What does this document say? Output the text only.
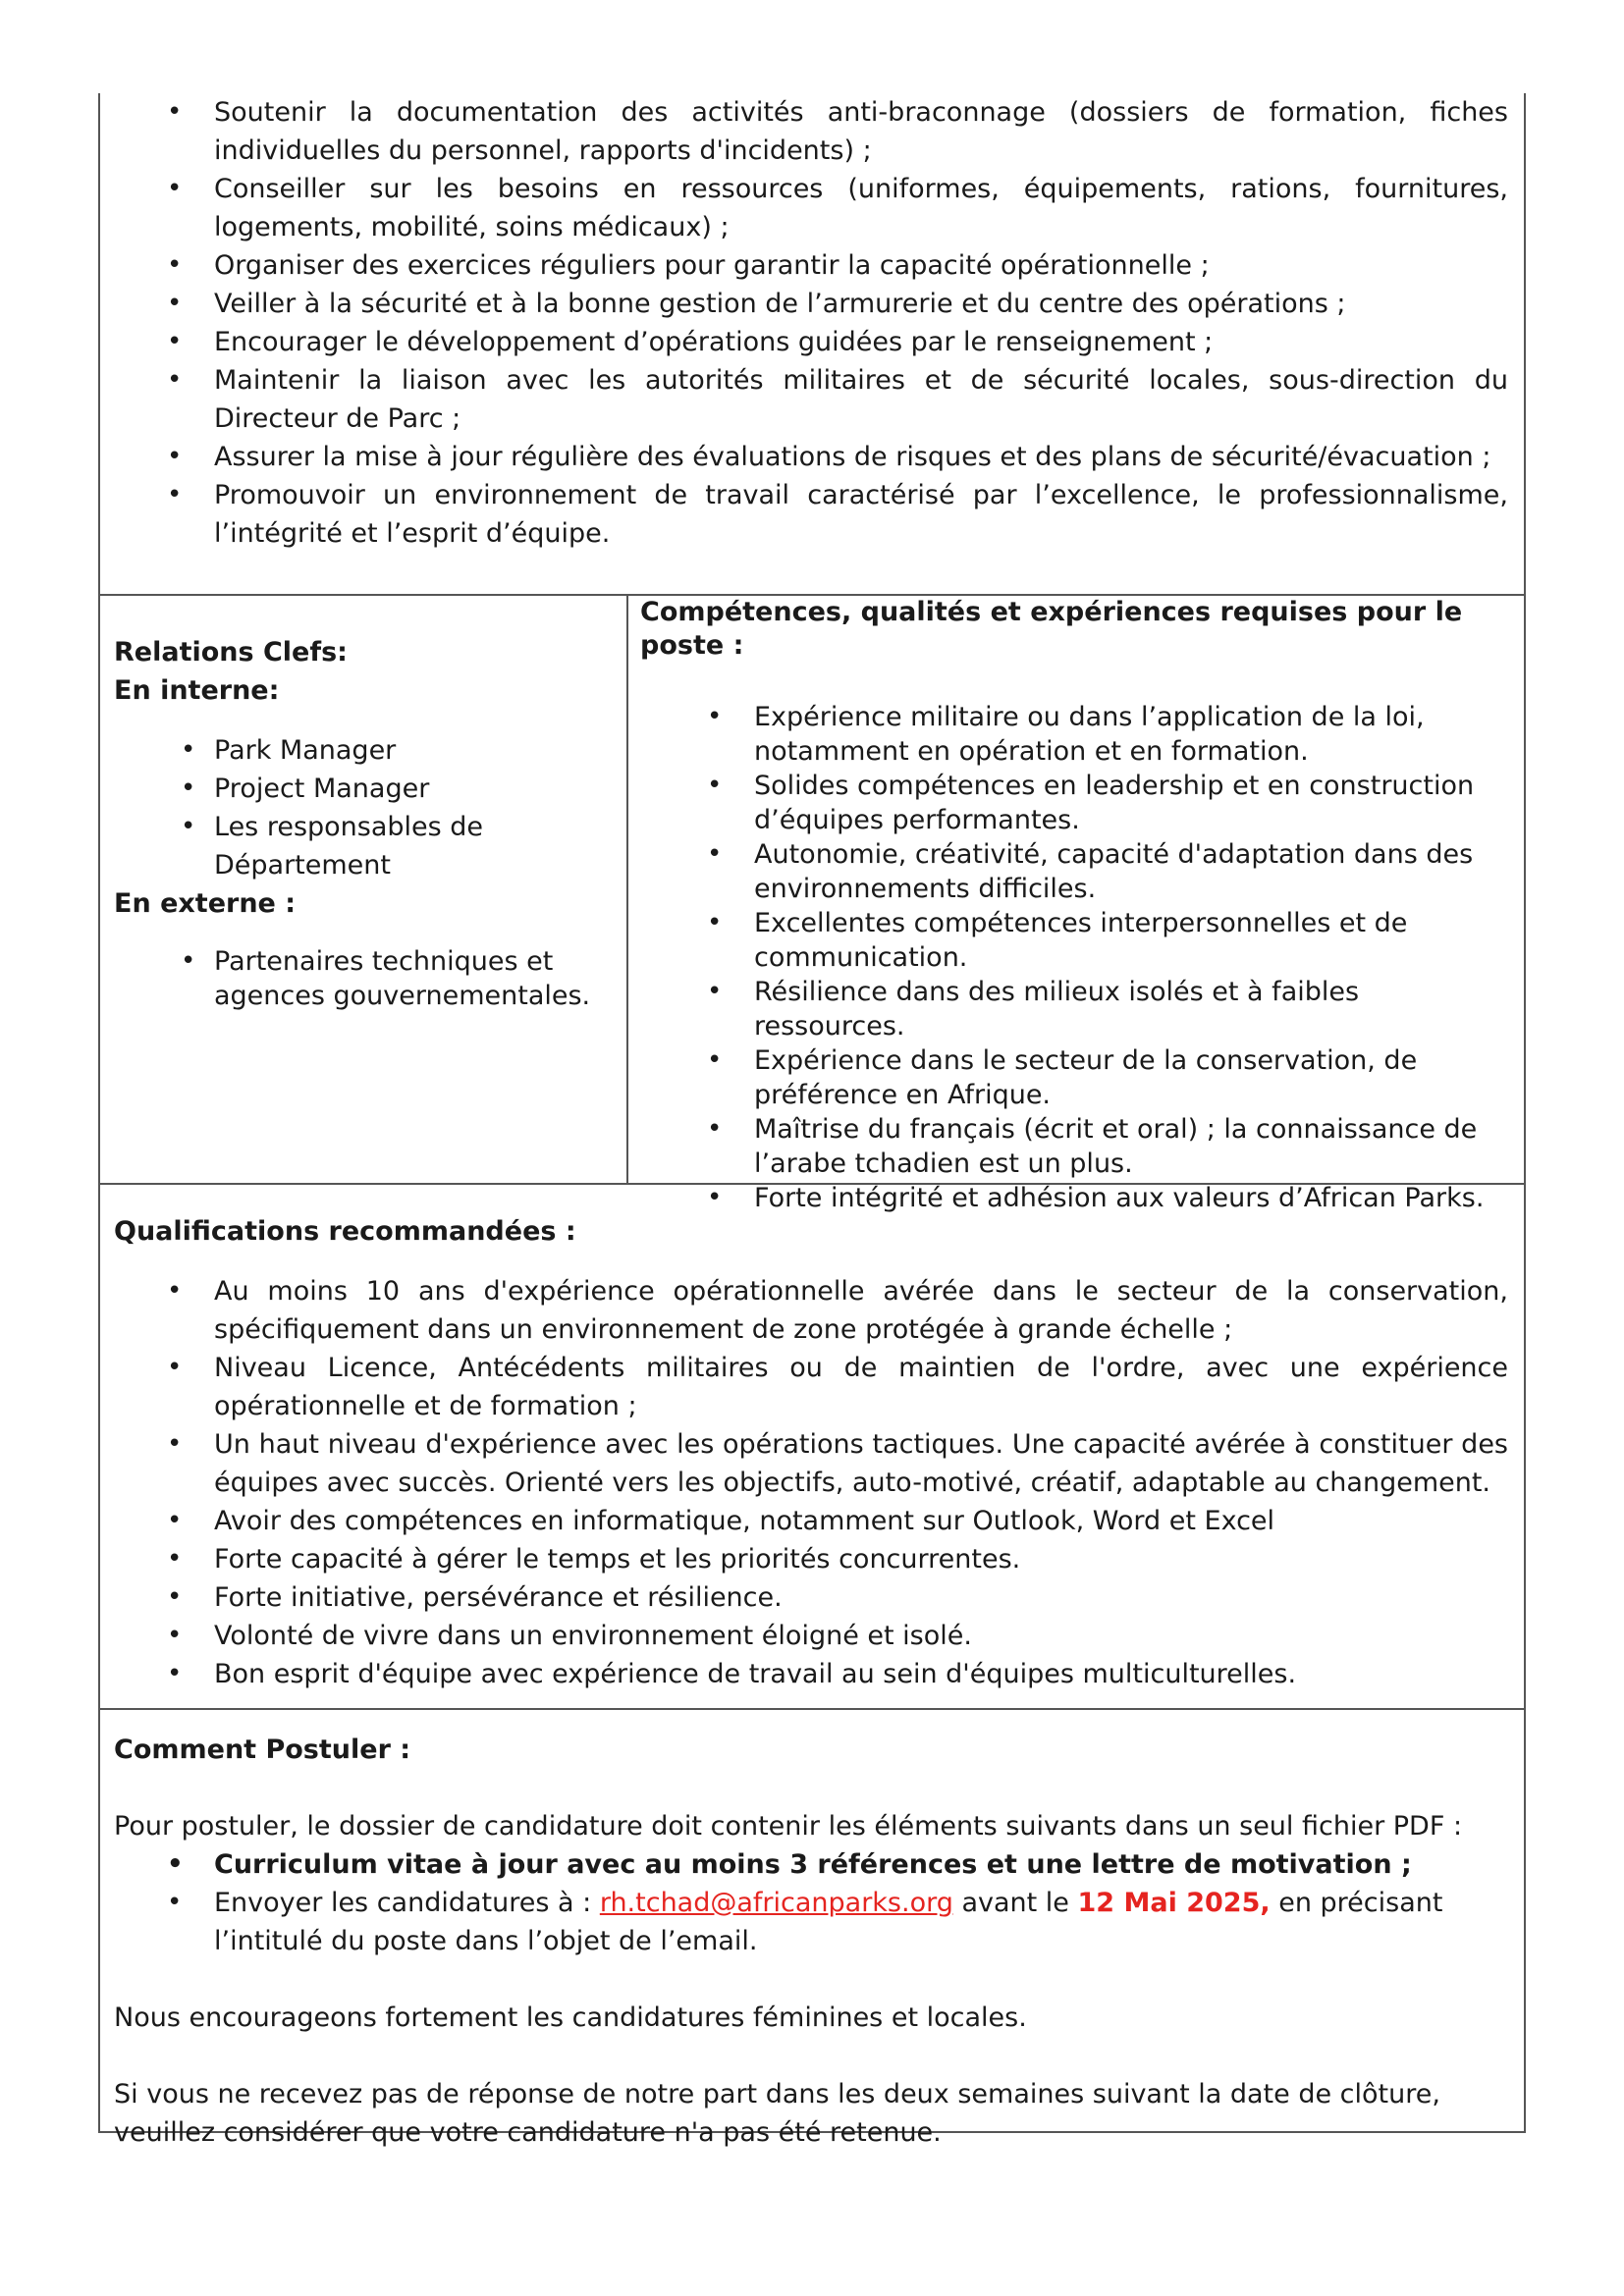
• Soutenir la documentation des activités anti-braconnage (dossiers de formation, fiches individuelles du personnel, rapports d'incidents) ;
• Conseiller sur les besoins en ressources (uniformes, équipements, rations, fournitures, logements, mobilité, soins médicaux) ;
• Organiser des exercices réguliers pour garantir la capacité opérationnelle ;
• Veiller à la sécurité et à la bonne gestion de l’armurerie et du centre des opérations ;
• Encourager le développement d’opérations guidées par le renseignement ;
• Maintenir la liaison avec les autorités militaires et de sécurité locales, sous-direction du Directeur de Parc ;
• Assurer la mise à jour régulière des évaluations de risques et des plans de sécurité/évacuation ;
• Promouvoir un environnement de travail caractérisé par l’excellence, le professionnalisme, l’intégrité et l’esprit d’équipe.

Relations Clefs:

En interne:

• Park Manager
• Project Manager
• Les responsables de Département

En externe :

• Partenaires techniques et agences gouvernementales.

Compétences, qualités et expériences requises pour le poste :

• Expérience militaire ou dans l’application de la loi, notamment en opération et en formation.
• Solides compétences en leadership et en construction d’équipes performantes.
• Autonomie, créativité, capacité d'adaptation dans des environnements difficiles.
• Excellentes compétences interpersonnelles et de communication.
• Résilience dans des milieux isolés et à faibles ressources.
• Expérience dans le secteur de la conservation, de préférence en Afrique.
• Maîtrise du français (écrit et oral) ; la connaissance de l’arabe tchadien est un plus.
• Forte intégrité et adhésion aux valeurs d’African Parks.

Qualifications recommandées :

• Au moins 10 ans d'expérience opérationnelle avérée dans le secteur de la conservation, spécifiquement dans un environnement de zone protégée à grande échelle ;
• Niveau Licence, Antécédents militaires ou de maintien de l'ordre, avec une expérience opérationnelle et de formation ;
• Un haut niveau d'expérience avec les opérations tactiques. Une capacité avérée à constituer des équipes avec succès. Orienté vers les objectifs, auto-motivé, créatif, adaptable au changement.
• Avoir des compétences en informatique, notamment sur Outlook, Word et Excel
• Forte capacité à gérer le temps et les priorités concurrentes.
• Forte initiative, persévérance et résilience.
• Volonté de vivre dans un environnement éloigné et isolé.
• Bon esprit d'équipe avec expérience de travail au sein d'équipes multiculturelles.

Comment Postuler :

Pour postuler, le dossier de candidature doit contenir les éléments suivants dans un seul fichier PDF :

• Curriculum vitae à jour avec au moins 3 références et une lettre de motivation ;
• Envoyer les candidatures à : rh.tchad@africanparks.org avant le 12 Mai 2025, en précisant l’intitulé du poste dans l’objet de l’email.

Nous encourageons fortement les candidatures féminines et locales.

Si vous ne recevez pas de réponse de notre part dans les deux semaines suivant la date de clôture, veuillez considérer que votre candidature n'a pas été retenue.
